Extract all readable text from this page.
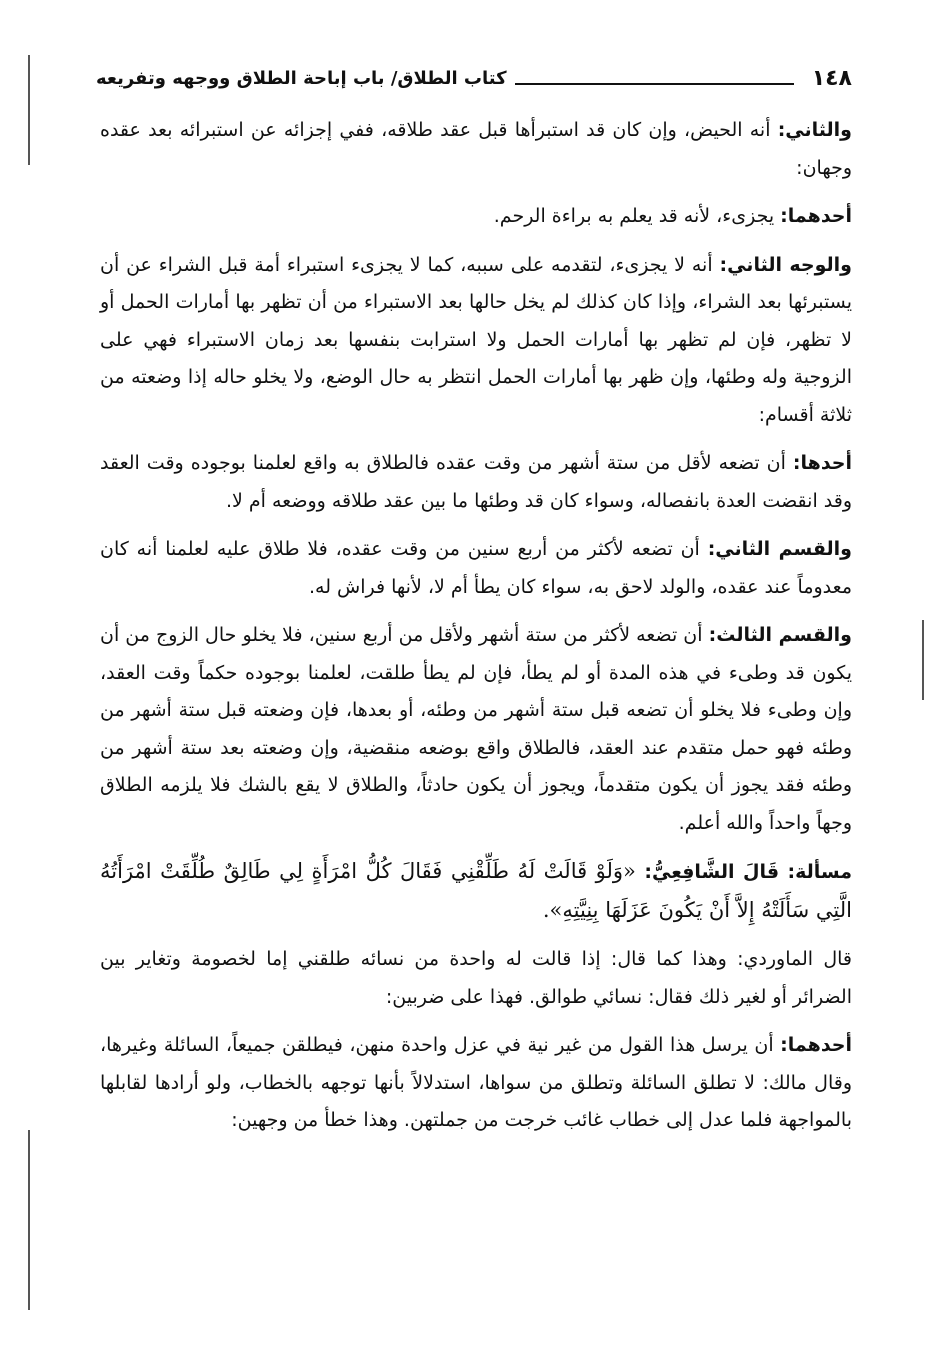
١٤٨
كتاب الطلاق/ باب إباحة الطلاق ووجهه وتفريعه

والثاني: أنه الحيض، وإن كان قد استبرأها قبل عقد طلاقه، ففي إجزائه عن استبرائه بعد عقده وجهان:

أحدهما: يجزىء، لأنه قد يعلم به براءة الرحم.

والوجه الثاني: أنه لا يجزىء، لتقدمه على سببه، كما لا يجزىء استبراء أمة قبل الشراء عن أن يستبرئها بعد الشراء، وإذا كان كذلك لم يخل حالها بعد الاستبراء من أن تظهر بها أمارات الحمل أو لا تظهر، فإن لم تظهر بها أمارات الحمل ولا استرابت بنفسها بعد زمان الاستبراء فهي على الزوجية وله وطئها، وإن ظهر بها أمارات الحمل انتظر به حال الوضع، ولا يخلو حاله إذا وضعته من ثلاثة أقسام:

أحدها: أن تضعه لأقل من ستة أشهر من وقت عقده فالطلاق به واقع لعلمنا بوجوده وقت العقد وقد انقضت العدة بانفصاله، وسواء كان قد وطئها ما بين عقد طلاقه ووضعه أم لا.

والقسم الثاني: أن تضعه لأكثر من أربع سنين من وقت عقده، فلا طلاق عليه لعلمنا أنه كان معدوماً عند عقده، والولد لاحق به، سواء كان يطأ أم لا، لأنها فراش له.

والقسم الثالث: أن تضعه لأكثر من ستة أشهر ولأقل من أربع سنين، فلا يخلو حال الزوج من أن يكون قد وطىء في هذه المدة أو لم يطأ، فإن لم يطأ طلقت، لعلمنا بوجوده حكماً وقت العقد، وإن وطىء فلا يخلو أن تضعه قبل ستة أشهر من وطئه، أو بعدها، فإن وضعته قبل ستة أشهر من وطئه فهو حمل متقدم عند العقد، فالطلاق واقع بوضعه منقضية، وإن وضعته بعد ستة أشهر من وطئه فقد يجوز أن يكون متقدماً، ويجوز أن يكون حادثاً، والطلاق لا يقع بالشك فلا يلزمه الطلاق وجهاً واحداً والله أعلم.

مسألة: قَالَ الشَّافِعِيُّ: «وَلَوْ قَالَتْ لَهُ طَلِّقْنِي فَقَالَ كُلُّ امْرَأَةٍ لِي طَالِقٌ طُلِّقَتْ امْرَأَتُهُ الَّتِي سَأَلَتْهُ إِلاَّ أَنْ يَكُونَ عَزَلَهَا بِنِيَّتِهِ».

قال الماوردي: وهذا كما قال: إذا قالت له واحدة من نسائه طلقني إما لخصومة وتغاير بين الضرائر أو لغير ذلك فقال: نسائي طوالق. فهذا على ضربين:

أحدهما: أن يرسل هذا القول من غير نية في عزل واحدة منهن، فيطلقن جميعاً، السائلة وغيرها، وقال مالك: لا تطلق السائلة وتطلق من سواها، استدلالاً بأنها توجهه بالخطاب، ولو أرادها لقابلها بالمواجهة فلما عدل إلى خطاب غائب خرجت من جملتهن. وهذا خطأ من وجهين:
